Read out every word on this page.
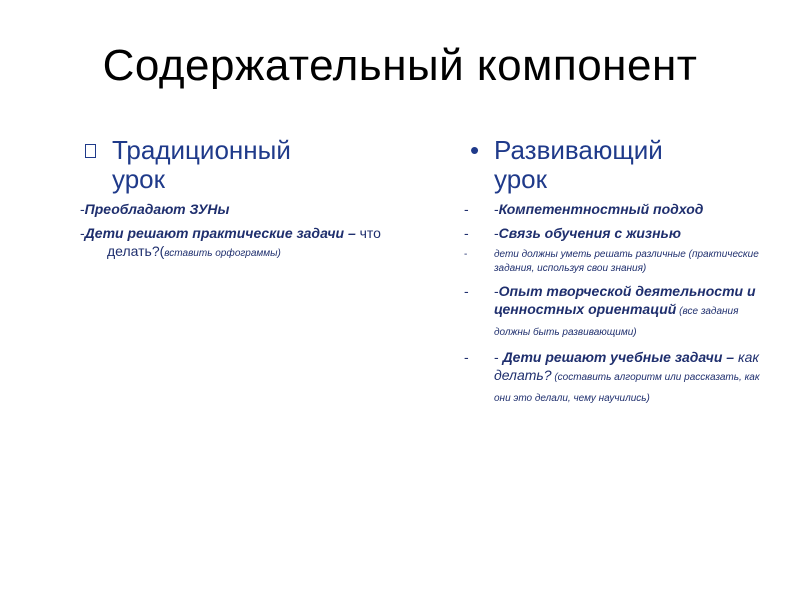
Содержательный компонент
Традиционный
урок
-Преобладают ЗУНы
-Дети решают практические задачи – что делать?(вставить орфограммы)
• Развивающий
урок
- -Компетентностный подход
- -Связь обучения с жизнью
-	дети должны уметь решать различные (практические задания, используя свои знания)
- -Опыт творческой деятельности и ценностных ориентаций (все задания должны быть развивающими)
- - Дети решают учебные задачи – как делать? (составить алгоритм или рассказать, как они это делали, чему научились)
